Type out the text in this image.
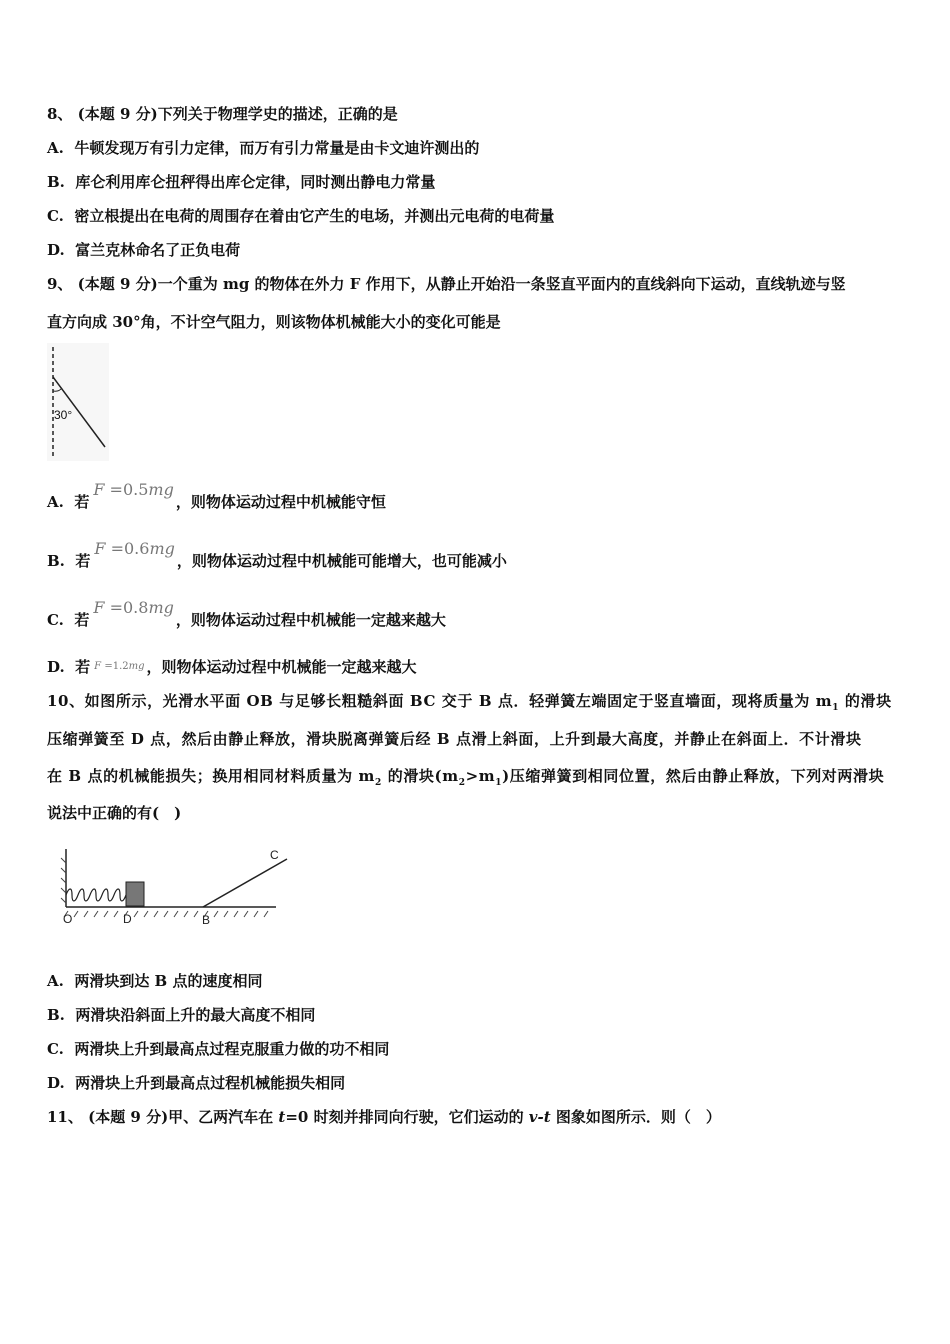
8、 (本题 9 分)下列关于物理学史的描述，正确的是
A. 牛顿发现万有引力定律，而万有引力常量是由卡文迪许测出的
B. 库仑利用库仑扭秤得出库仑定律，同时测出静电力常量
C. 密立根提出在电荷的周围存在着由它产生的电场，并测出元电荷的电荷量
D. 富兰克林命名了正负电荷
9、 (本题 9 分)一个重为 mg 的物体在外力 F 作用下，从静止开始沿一条竖直平面内的直线斜向下运动，直线轨迹与竖
直方向成 30°角，不计空气阻力，则该物体机械能大小的变化可能是
30°
A. 若F =0.5mg，则物体运动过程中机械能守恒
B. 若F =0.6mg，则物体运动过程中机械能可能增大，也可能减小
C. 若F =0.8mg，则物体运动过程中机械能一定越来越大
D. 若 $^{F =1.2mg}$ ，则物体运动过程中机械能一定越来越大
10、如图所示，光滑水平面 OB 与足够长粗糙斜面 BC 交于 B 点．轻弹簧左端固定于竖直墙面，现将质量为 $m_1$ 的滑块
压缩弹簧至 D 点，然后由静止释放，滑块脱离弹簧后经 B 点滑上斜面，上升到最大高度，并静止在斜面上．不计滑块
在 B 点的机械能损失；换用相同材料质量为 $m_2$ 的滑块$(m_2>m_1)$压缩弹簧到相同位置，然后由静止释放，下列对两滑块
说法中正确的有(　)
O	D	B
C
A. 两滑块到达 B 点的速度相同
B. 两滑块沿斜面上升的最大高度不相同
C. 两滑块上升到最高点过程克服重力做的功不相同
D. 两滑块上升到最高点过程机械能损失相同
11、 (本题 9 分)甲、乙两汽车在 t=0 时刻并排同向行驶，它们运动的 v-t 图象如图所示．则（　）
